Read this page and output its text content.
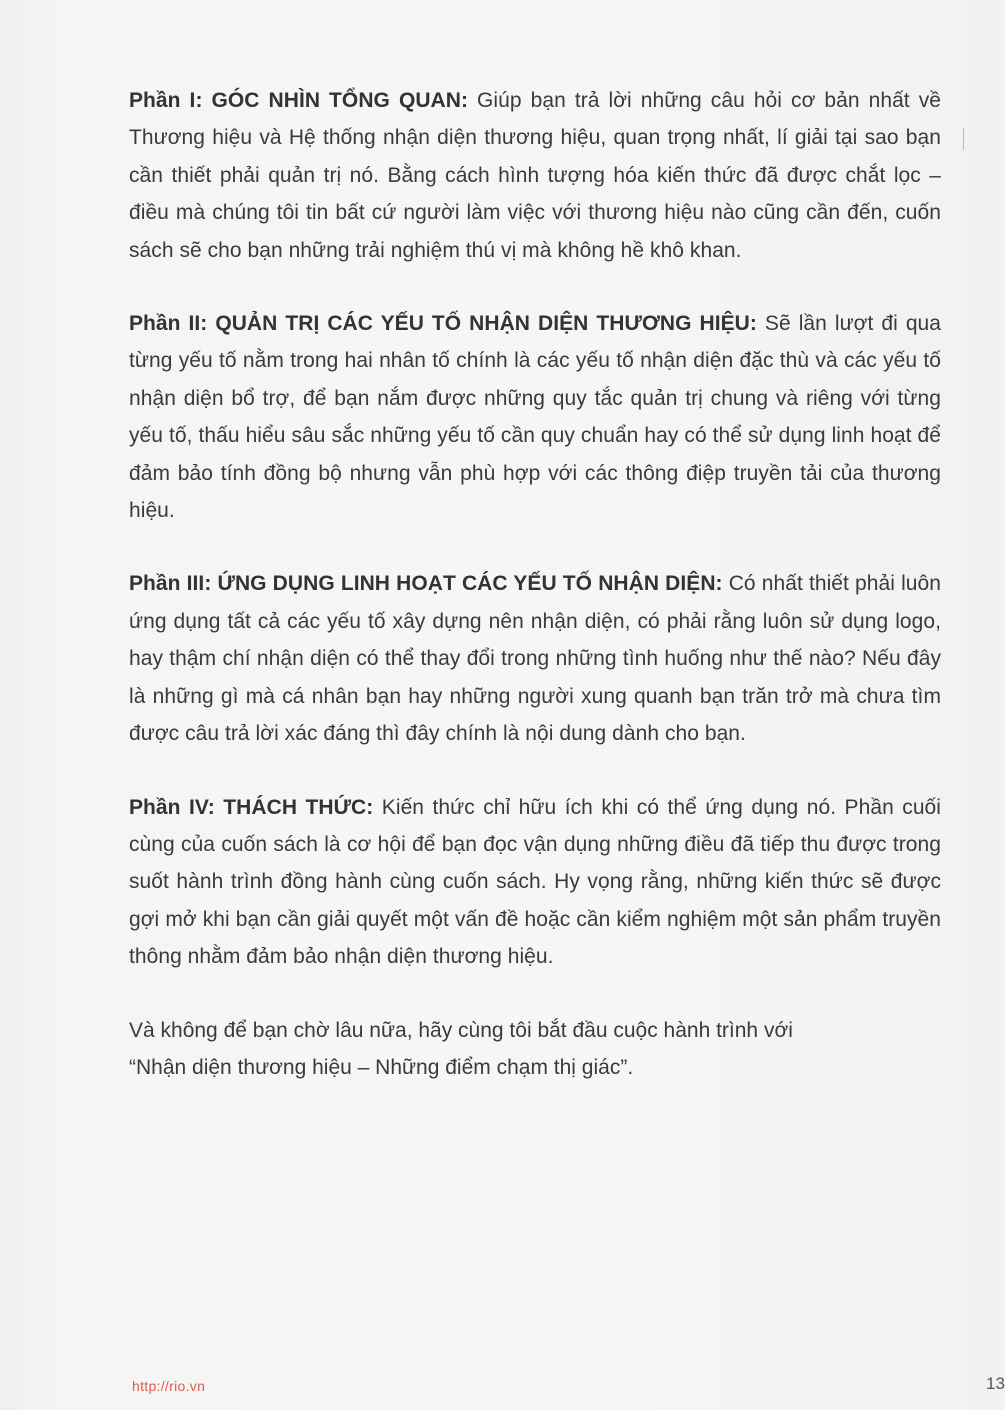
Phần I: GÓC NHÌN TỔNG QUAN: Giúp bạn trả lời những câu hỏi cơ bản nhất về Thương hiệu và Hệ thống nhận diện thương hiệu, quan trọng nhất, lí giải tại sao bạn cần thiết phải quản trị nó. Bằng cách hình tượng hóa kiến thức đã được chắt lọc – điều mà chúng tôi tin bất cứ người làm việc với thương hiệu nào cũng cần đến, cuốn sách sẽ cho bạn những trải nghiệm thú vị mà không hề khô khan.

Phần II: QUẢN TRỊ CÁC YẾU TỐ NHẬN DIỆN THƯƠNG HIỆU: Sẽ lần lượt đi qua từng yếu tố nằm trong hai nhân tố chính là các yếu tố nhận diện đặc thù và các yếu tố nhận diện bổ trợ, để bạn nắm được những quy tắc quản trị chung và riêng với từng yếu tố, thấu hiểu sâu sắc những yếu tố cần quy chuẩn hay có thể sử dụng linh hoạt để đảm bảo tính đồng bộ nhưng vẫn phù hợp với các thông điệp truyền tải của thương hiệu.

Phần III: ỨNG DỤNG LINH HOẠT CÁC YẾU TỐ NHẬN DIỆN: Có nhất thiết phải luôn ứng dụng tất cả các yếu tố xây dựng nên nhận diện, có phải rằng luôn sử dụng logo, hay thậm chí nhận diện có thể thay đổi trong những tình huống như thế nào? Nếu đây là những gì mà cá nhân bạn hay những người xung quanh bạn trăn trở mà chưa tìm được câu trả lời xác đáng thì đây chính là nội dung dành cho bạn.

Phần IV: THÁCH THỨC: Kiến thức chỉ hữu ích khi có thể ứng dụng nó. Phần cuối cùng của cuốn sách là cơ hội để bạn đọc vận dụng những điều đã tiếp thu được trong suốt hành trình đồng hành cùng cuốn sách. Hy vọng rằng, những kiến thức sẽ được gợi mở khi bạn cần giải quyết một vấn đề hoặc cần kiểm nghiệm một sản phẩm truyền thông nhằm đảm bảo nhận diện thương hiệu.

Và không để bạn chờ lâu nữa, hãy cùng tôi bắt đầu cuộc hành trình với
“Nhận diện thương hiệu – Những điểm chạm thị giác”.

http://rio.vn	13
